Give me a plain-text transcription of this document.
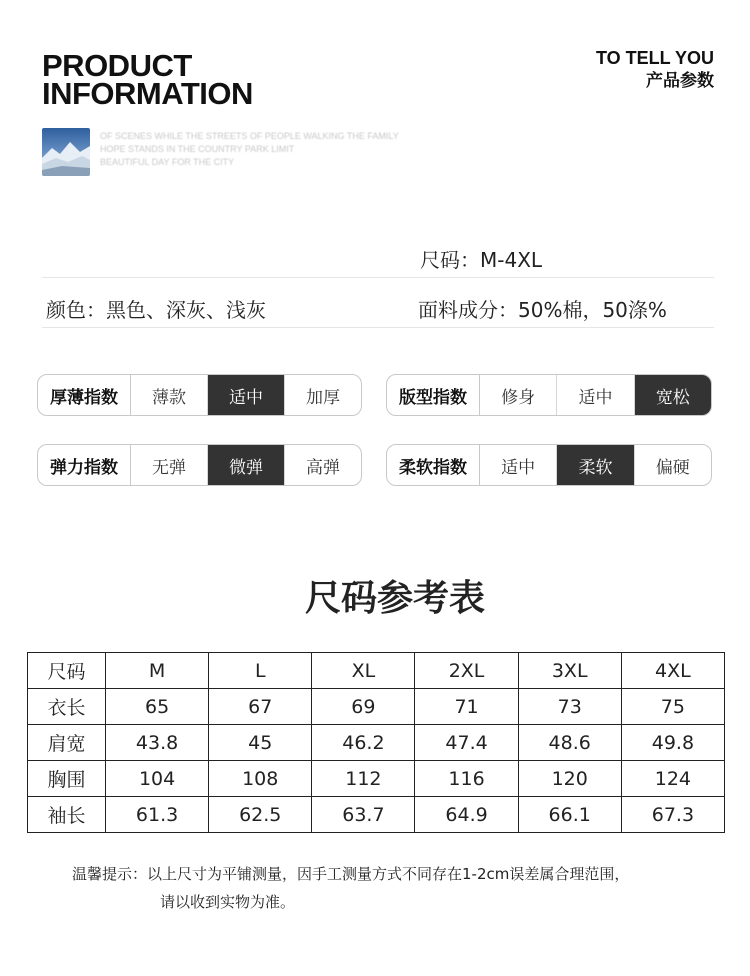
PRODUCT
INFORMATION
TO TELL YOU
产品参数
OF SCENES WHILE THE STREETS OF PEOPLE WALKING THE FAMILY
HOPE STANDS IN THE COUNTRY PARK LIMIT
BEAUTIFUL DAY FOR THE CITY
尺码：M-4XL
颜色：黑色、深灰、浅灰	面料成分：50%棉，50涤%
厚薄指数	薄款	适中	加厚	版型指数	修身	适中	宽松
弹力指数	无弹	微弹	高弹	柔软指数	适中	柔软	偏硬
尺码参考表
尺码	M	L	XL	2XL	3XL	4XL
衣长	65	67	69	71	73	75
肩宽	43.8	45	46.2	47.4	48.6	49.8
胸围	104	108	112	116	120	124
袖长	61.3	62.5	63.7	64.9	66.1	67.3
温馨提示：以上尺寸为平铺测量，因手工测量方式不同存在1-2cm误差属合理范围，
请以收到实物为准。
